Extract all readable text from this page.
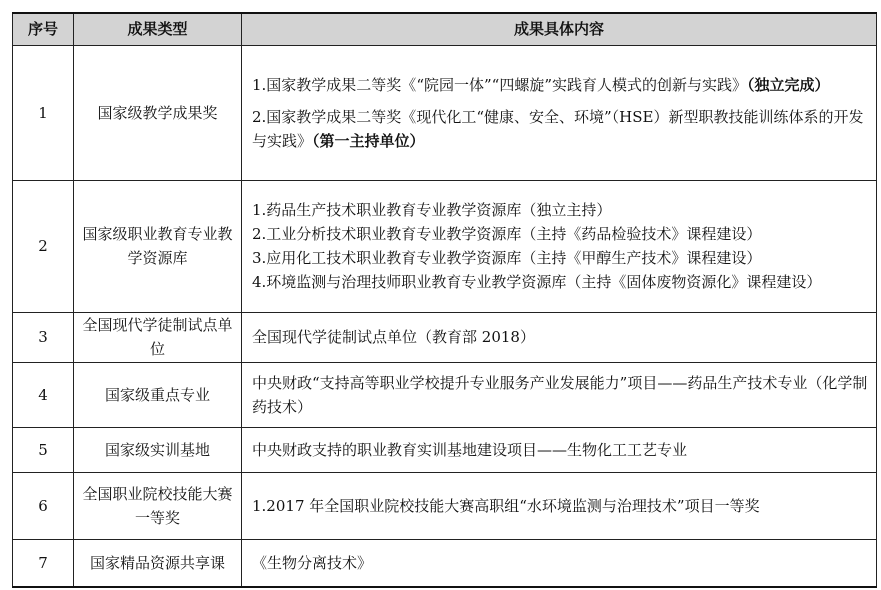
序号	成果类型	成果具体内容
1	国家级教学成果奖	1.国家教学成果二等奖《“院园一体”“四螺旋”实践育人模式的创新与实践》（独立完成）
2.国家教学成果二等奖《现代化工“健康、安全、环境”（HSE）新型职教技能训练体系的开发与实践》（第一主持单位）

2	国家级职业教育专业教学资源库	1.药品生产技术职业教育专业教学资源库（独立主持）
2.工业分析技术职业教育专业教学资源库（主持《药品检验技术》课程建设）
3.应用化工技术职业教育专业教学资源库（主持《甲醇生产技术》课程建设）
4.环境监测与治理技师职业教育专业教学资源库（主持《固体废物资源化》课程建设）

3	全国现代学徒制试点单位	全国现代学徒制试点单位（教育部 2018）

4	国家级重点专业	中央财政“支持高等职业学校提升专业服务产业发展能力”项目——药品生产技术专业（化学制药技术）

5	国家级实训基地	中央财政支持的职业教育实训基地建设项目——生物化工工艺专业

6	全国职业院校技能大赛一等奖	1.2017 年全国职业院校技能大赛高职组“水环境监测与治理技术”项目一等奖

7	国家精品资源共享课	《生物分离技术》
